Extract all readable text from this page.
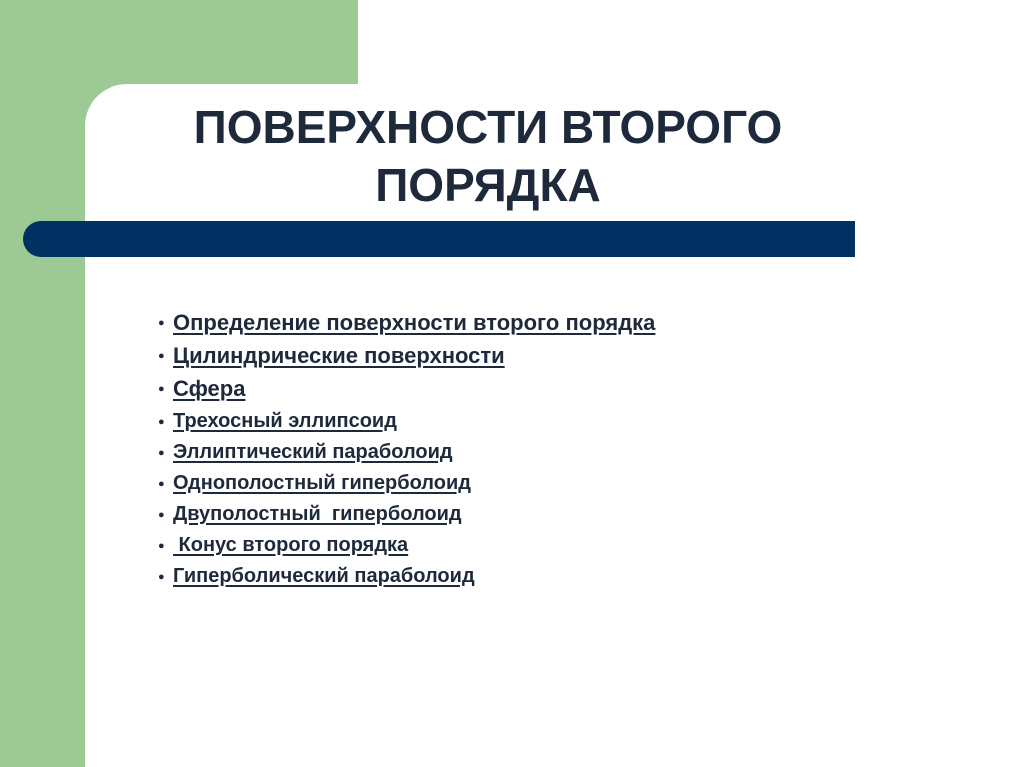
ПОВЕРХНОСТИ ВТОРОГО
ПОРЯДКА
● Определение поверхности второго порядка
● Цилиндрические поверхности
● Сфера
● Трехосный эллипсоид
● Эллиптический параболоид
● Однополостный гиперболоид
● Двуполостный  гиперболоид
● Конус второго порядка
● Гиперболический параболоид
